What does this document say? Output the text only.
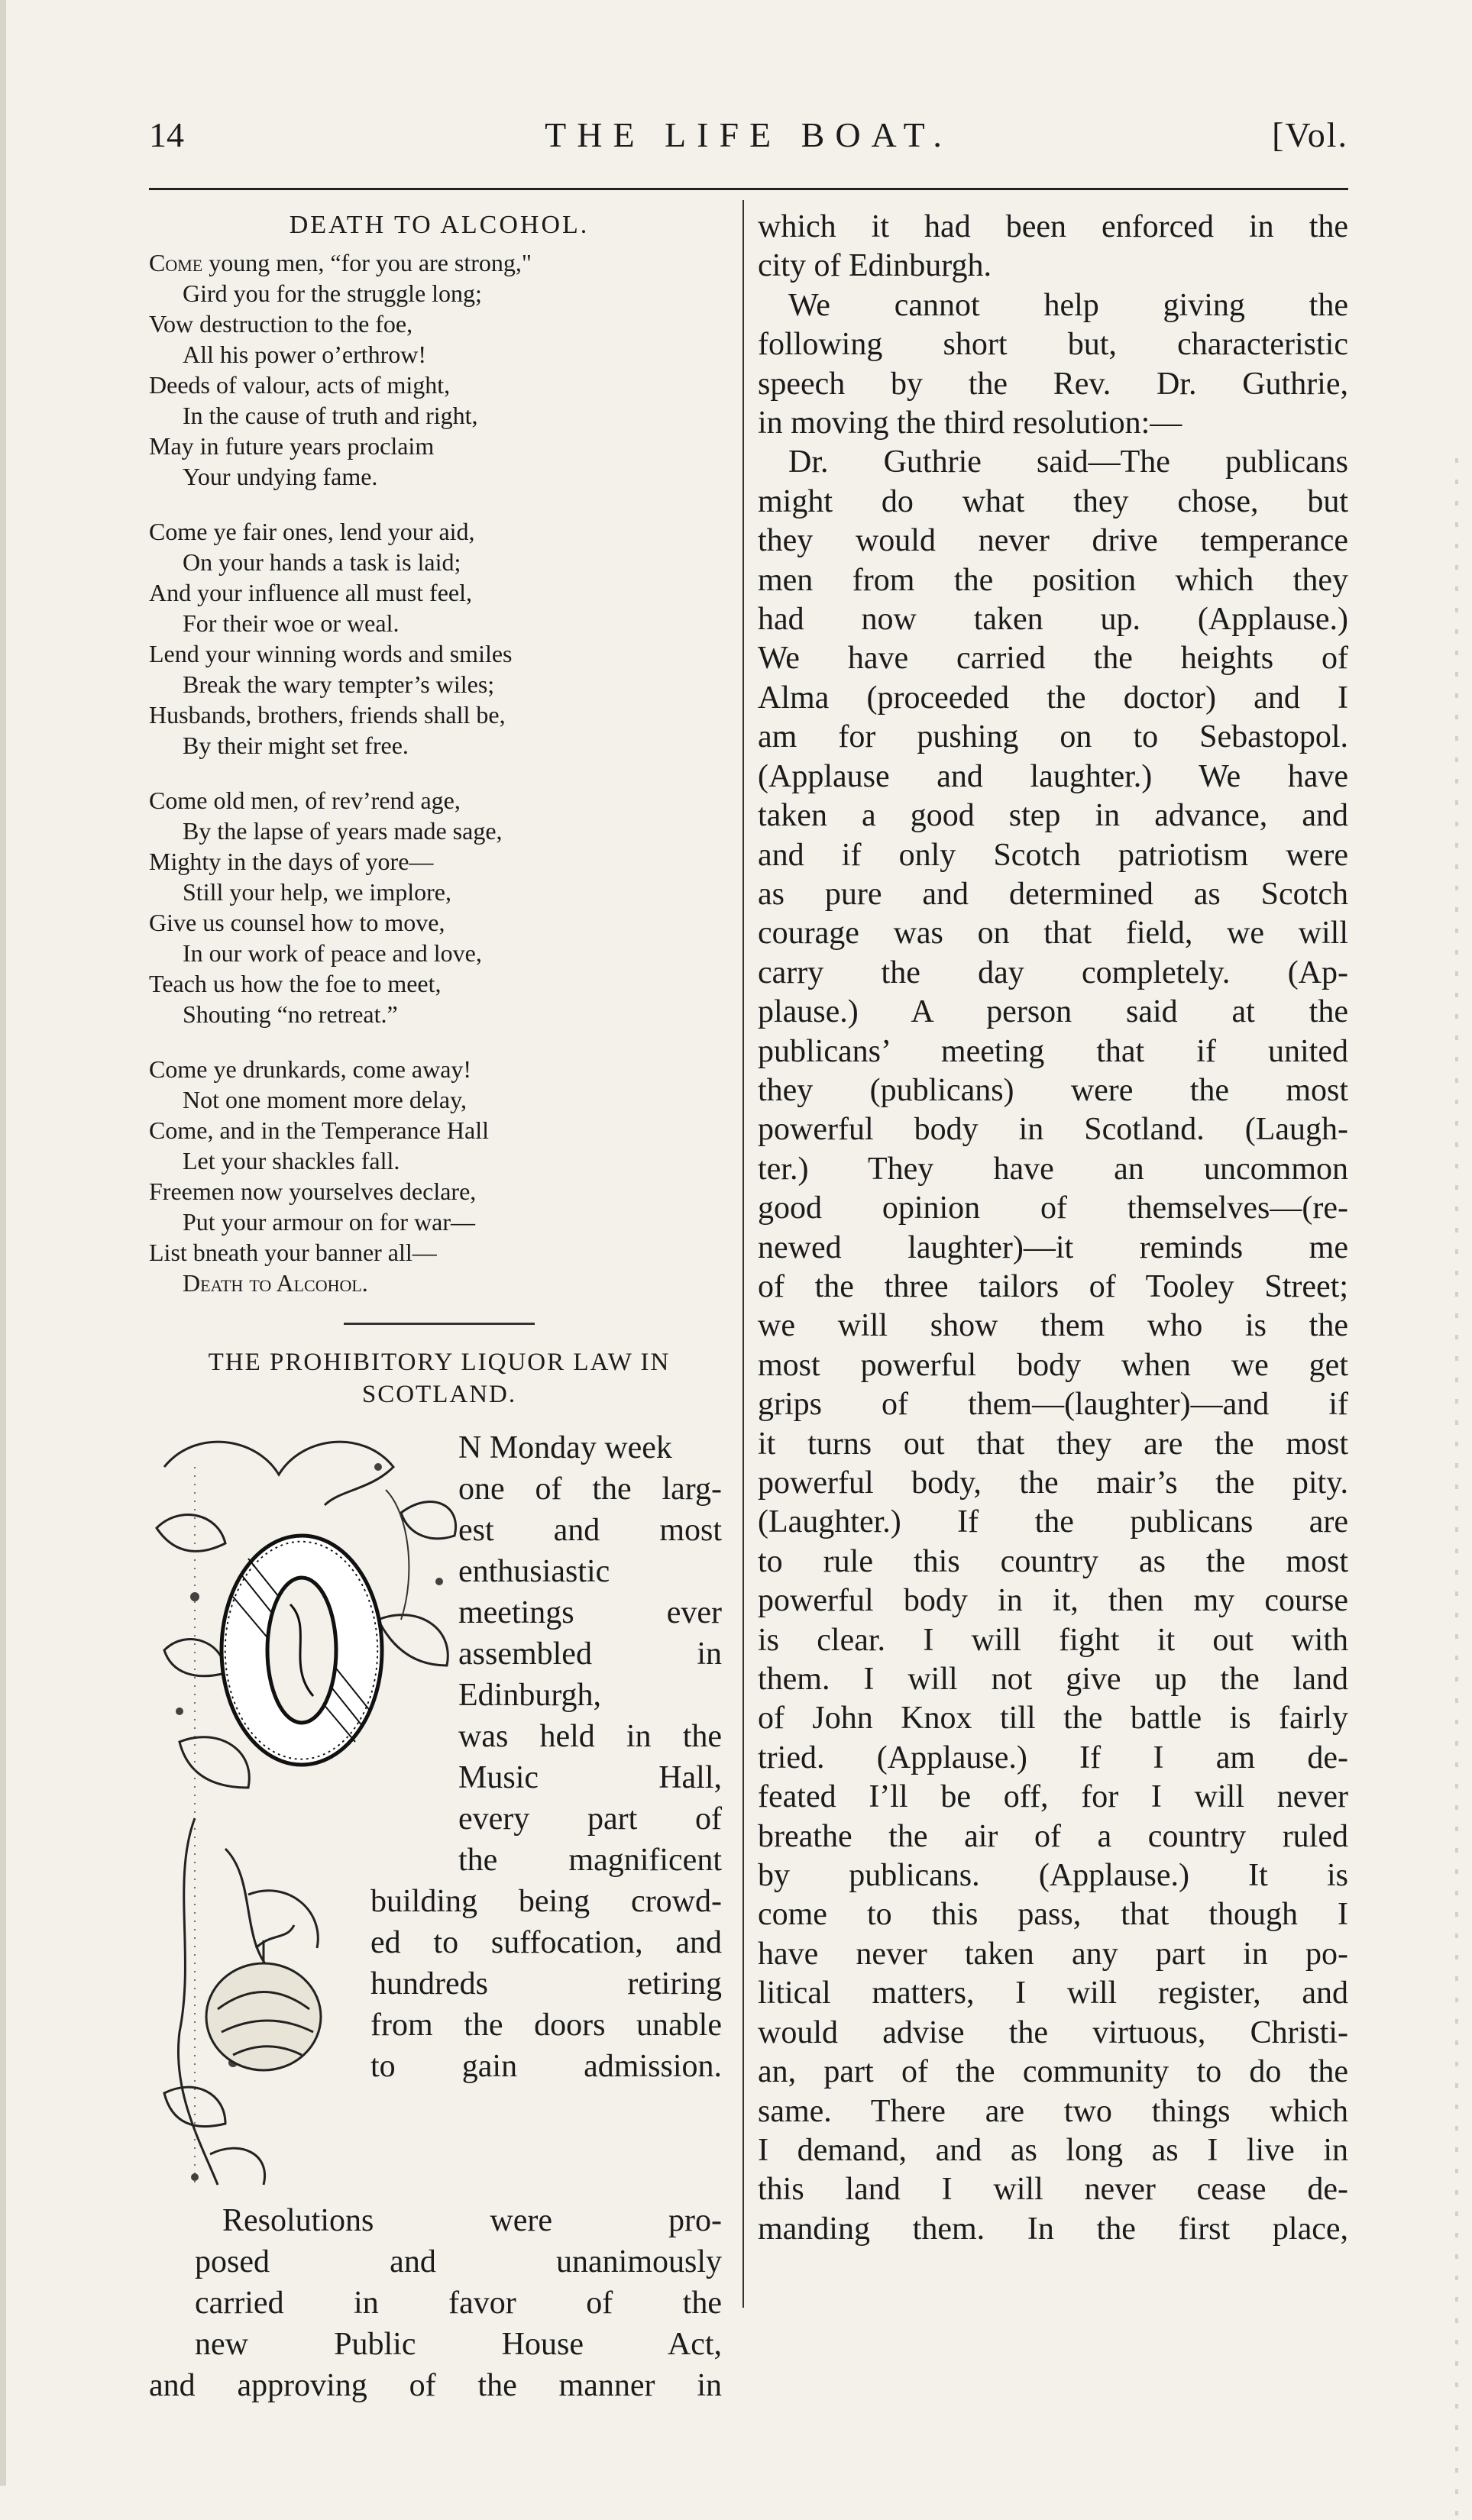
14	THE LIFE BOAT.	[Vol.
DEATH TO ALCOHOL.
Come young men, “for you are strong,"
Gird you for the struggle long;
Vow destruction to the foe,
All his power o’erthrow!
Deeds of valour, acts of might,
In the cause of truth and right,
May in future years proclaim
Your undying fame.
Come ye fair ones, lend your aid,
On your hands a task is laid;
And your influence all must feel,
For their woe or weal.
Lend your winning words and smiles
Break the wary tempter’s wiles;
Husbands, brothers, friends shall be,
By their might set free.
Come old men, of rev’rend age,
By the lapse of years made sage,
Mighty in the days of yore—
Still your help, we implore,
Give us counsel how to move,
In our work of peace and love,
Teach us how the foe to meet,
Shouting “no retreat.”
Come ye drunkards, come away!
Not one moment more delay,
Come, and in the Temperance Hall
Let your shackles fall.
Freemen now yourselves declare,
Put your armour on for war—
List bneath your banner all—
Death to Alcohol.
THE PROHIBITORY LIQUOR LAW IN
SCOTLAND.
N Monday week
one of the larg-
est and most
enthusiastic
meetings ever
assembled in
Edinburgh,
was held in the
Music Hall,
every part of
the magnificent
building being crowd-
ed to suffocation, and
hundreds retiring
from the doors unable
to gain admission.
Resolutions were pro-
posed and unanimously
carried in favor of the
new Public House Act,
and approving of the manner in
which it had been enforced in the
city of Edinburgh.
We cannot help giving the
following short but, characteristic
speech by the Rev. Dr. Guthrie,
in moving the third resolution:—
Dr. Guthrie said—The publicans
might do what they chose, but
they would never drive temperance
men from the position which they
had now taken up. (Applause.)
We have carried the heights of
Alma (proceeded the doctor) and I
am for pushing on to Sebastopol.
(Applause and laughter.) We have
taken a good step in advance, and
and if only Scotch patriotism were
as pure and determined as Scotch
courage was on that field, we will
carry the day completely. (Ap-
plause.) A person said at the
publicans’ meeting that if united
they (publicans) were the most
powerful body in Scotland. (Laugh-
ter.) They have an uncommon
good opinion of themselves—(re-
newed laughter)—it reminds me
of the three tailors of Tooley Street;
we will show them who is the
most powerful body when we get
grips of them—(laughter)—and if
it turns out that they are the most
powerful body, the mair’s the pity.
(Laughter.) If the publicans are
to rule this country as the most
powerful body in it, then my course
is clear. I will fight it out with
them. I will not give up the land
of John Knox till the battle is fairly
tried. (Applause.) If I am de-
feated I’ll be off, for I will never
breathe the air of a country ruled
by publicans. (Applause.) It is
come to this pass, that though I
have never taken any part in po-
litical matters, I will register, and
would advise the virtuous, Christi-
an, part of the community to do the
same. There are two things which
I demand, and as long as I live in
this land I will never cease de-
manding them. In the first place,
